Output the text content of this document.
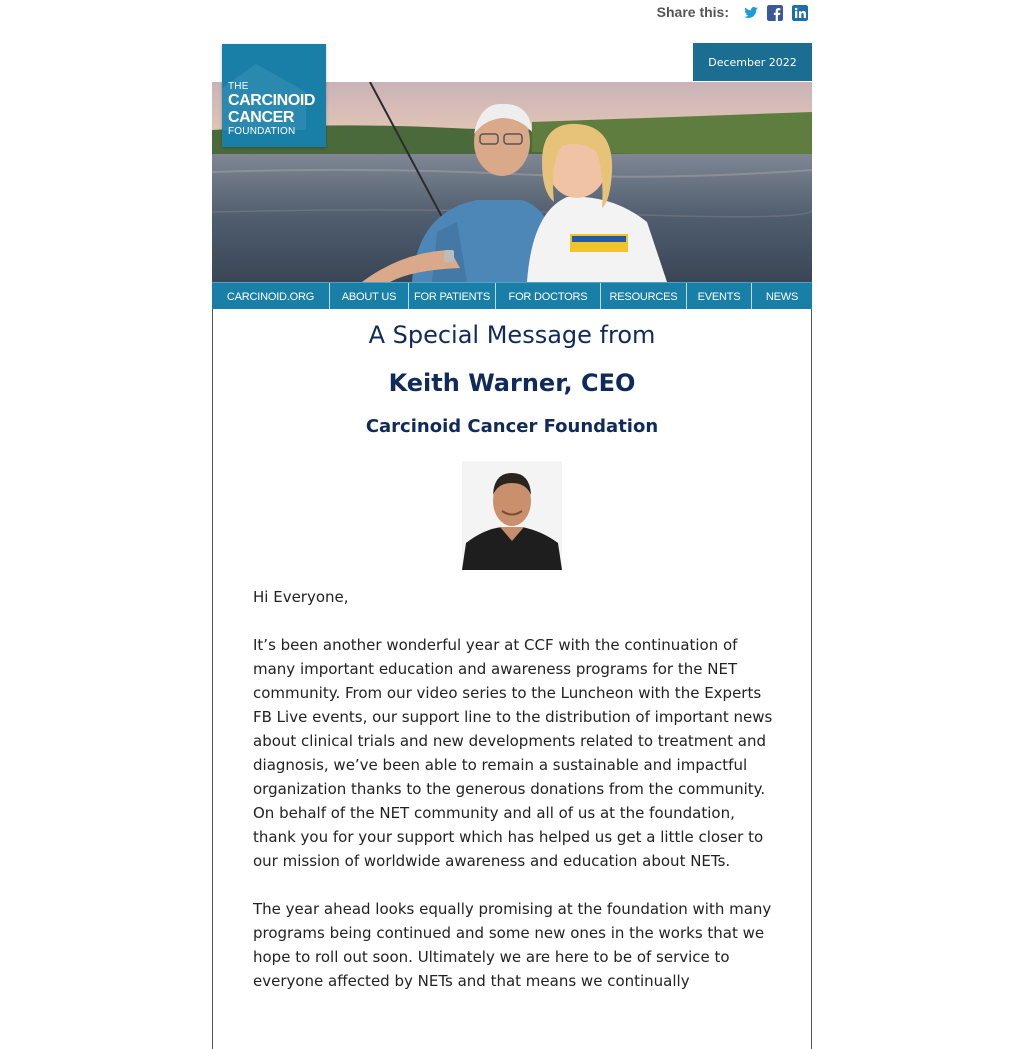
Share this:
December 2022
THE
CARCINOID
CANCER
FOUNDATION
CARCINOID.ORG	ABOUT US	FOR PATIENTS	FOR DOCTORS	RESOURCES	EVENTS	NEWS
A Special Message from
Keith Warner, CEO
Carcinoid Cancer Foundation

Hi Everyone,

It’s been another wonderful year at CCF with the continuation of many important education and awareness programs for the NET community. From our video series to the Luncheon with the Experts FB Live events, our support line to the distribution of important news about clinical trials and new developments related to treatment and diagnosis, we’ve been able to remain a sustainable and impactful organization thanks to the generous donations from the community. On behalf of the NET community and all of us at the foundation, thank you for your support which has helped us get a little closer to our mission of worldwide awareness and education about NETs.

The year ahead looks equally promising at the foundation with many programs being continued and some new ones in the works that we hope to roll out soon. Ultimately we are here to be of service to everyone affected by NETs and that means we continually
